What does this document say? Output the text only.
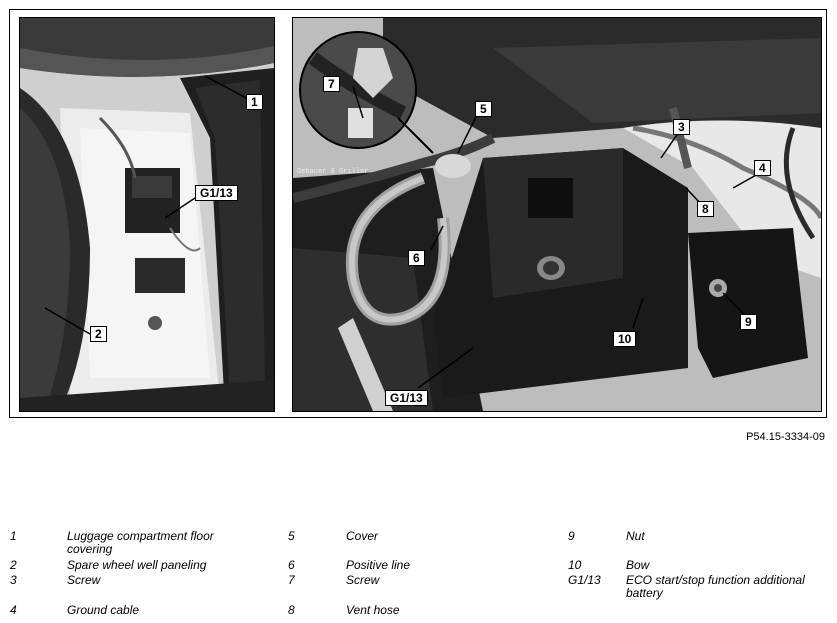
1
G1/13
2
Gebauer & Griller
5
7
3
4
8
6
9
10
G1/13
P54.15-3334-09
1	Luggage compartment floor covering
2	Spare wheel well paneling
3	Screw
4	Ground cable
5	Cover
6	Positive line
7	Screw
8	Vent hose
9	Nut
10	Bow
G1/13 ECO start/stop function additional battery
